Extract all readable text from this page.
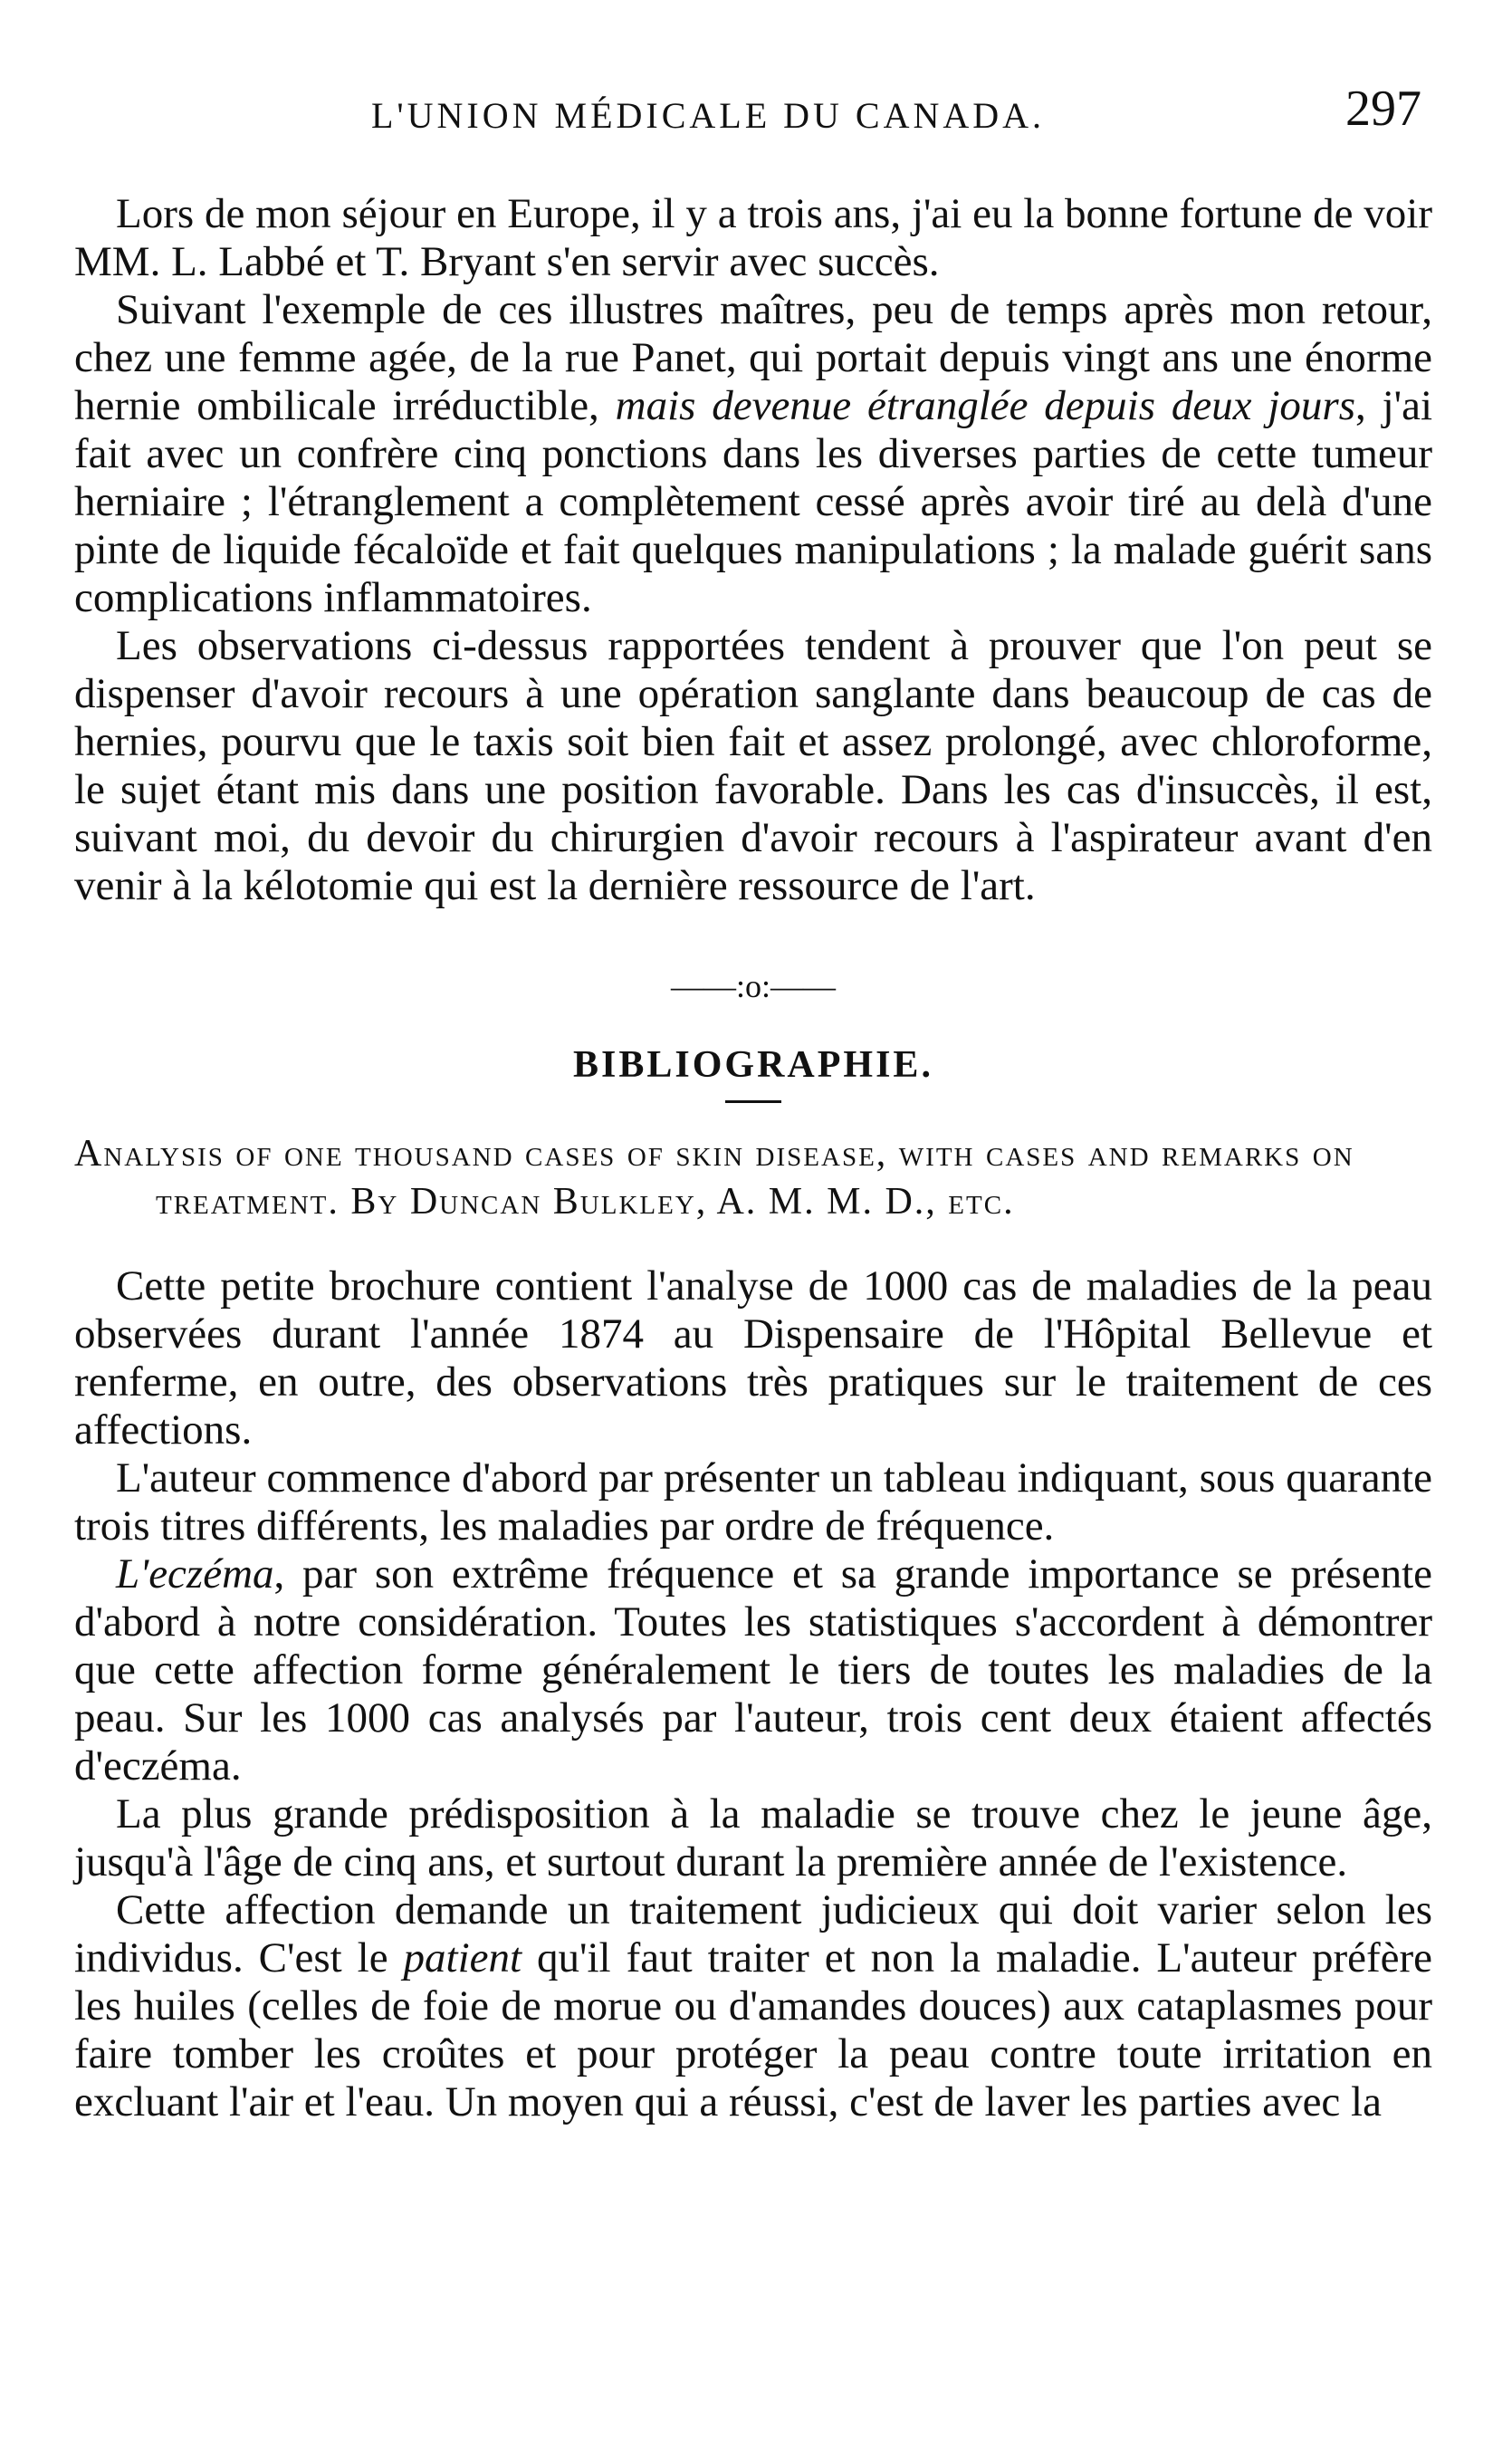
L'UNION MÉDICALE DU CANADA.	297

Lors de mon séjour en Europe, il y a trois ans, j'ai eu la bonne fortune de voir MM. L. Labbé et T. Bryant s'en servir avec succès.

Suivant l'exemple de ces illustres maîtres, peu de temps après mon retour, chez une femme agée, de la rue Panet, qui portait depuis vingt ans une énorme hernie ombilicale irréductible, mais devenue étranglée depuis deux jours, j'ai fait avec un confrère cinq ponctions dans les diverses parties de cette tumeur herniaire ; l'étranglement a complètement cessé après avoir tiré au delà d'une pinte de liquide fécaloïde et fait quelques manipulations ; la malade guérit sans complications inflammatoires.

Les observations ci-dessus rapportées tendent à prouver que l'on peut se dispenser d'avoir recours à une opération sanglante dans beaucoup de cas de hernies, pourvu que le taxis soit bien fait et assez prolongé, avec chloroforme, le sujet étant mis dans une position favorable. Dans les cas d'insuccès, il est, suivant moi, du devoir du chirurgien d'avoir recours à l'aspirateur avant d'en venir à la kélotomie qui est la dernière ressource de l'art.

——:o:——
BIBLIOGRAPHIE.
Analysis of one thousand cases of skin disease, with cases and remarks on treatment. By Duncan Bulkley, A. M. M. D., etc.

Cette petite brochure contient l'analyse de 1000 cas de maladies de la peau observées durant l'année 1874 au Dispensaire de l'Hôpital Bellevue et renferme, en outre, des observations très pratiques sur le traitement de ces affections.

L'auteur commence d'abord par présenter un tableau indiquant, sous quarante trois titres différents, les maladies par ordre de fréquence.

L'eczéma, par son extrême fréquence et sa grande importance se présente d'abord à notre considération. Toutes les statistiques s'accordent à démontrer que cette affection forme généralement le tiers de toutes les maladies de la peau. Sur les 1000 cas analysés par l'auteur, trois cent deux étaient affectés d'eczéma.

La plus grande prédisposition à la maladie se trouve chez le jeune âge, jusqu'à l'âge de cinq ans, et surtout durant la première année de l'existence.

Cette affection demande un traitement judicieux qui doit varier selon les individus. C'est le patient qu'il faut traiter et non la maladie. L'auteur préfère les huiles (celles de foie de morue ou d'amandes douces) aux cataplasmes pour faire tomber les croûtes et pour protéger la peau contre toute irritation en excluant l'air et l'eau. Un moyen qui a réussi, c'est de laver les parties avec la
